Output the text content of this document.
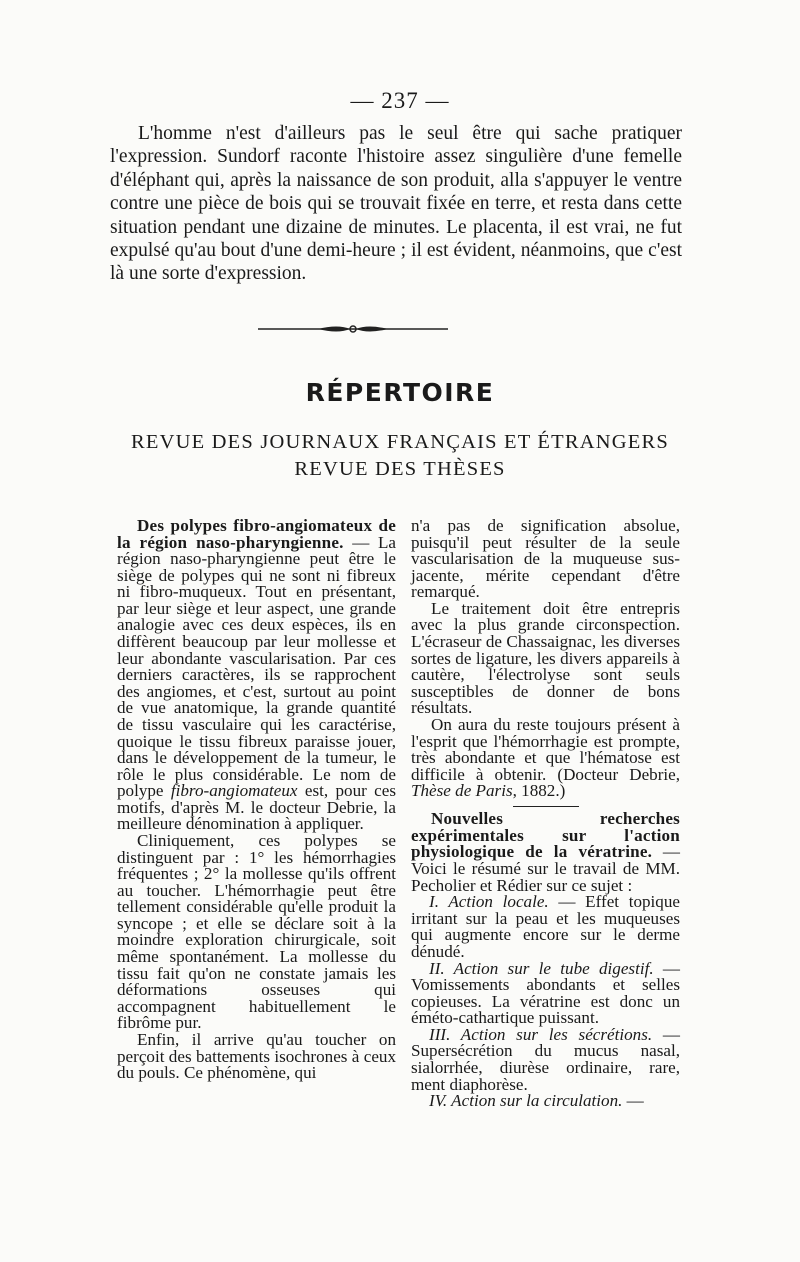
— 237 —

L'homme n'est d'ailleurs pas le seul être qui sache pratiquer l'expression. Sundorf raconte l'histoire assez singulière d'une femelle d'éléphant qui, après la naissance de son produit, alla s'appuyer le ventre contre une pièce de bois qui se trouvait fixée en terre, et resta dans cette situation pendant une dizaine de minutes. Le placenta, il est vrai, ne fut expulsé qu'au bout d'une demi-heure ; il est évident, néanmoins, que c'est là une sorte d'expression.

RÉPERTOIRE
REVUE DES JOURNAUX FRANÇAIS ET ÉTRANGERS
REVUE DES THÈSES

Des polypes fibro-angiomateux de la région naso-pharyngienne. — La région naso-pharyngienne peut être le siège de polypes qui ne sont ni fibreux ni fibro-muqueux. Tout en présentant, par leur siège et leur aspect, une grande analogie avec ces deux espèces, ils en diffèrent beaucoup par leur mollesse et leur abondante vascularisation. Par ces derniers caractères, ils se rapprochent des angiomes, et c'est, surtout au point de vue anatomique, la grande quantité de tissu vasculaire qui les caractérise, quoique le tissu fibreux paraisse jouer, dans le développement de la tumeur, le rôle le plus considérable. Le nom de polype fibro-angiomateux est, pour ces motifs, d'après M. le docteur Debrie, la meilleure dénomination à appliquer.

Cliniquement, ces polypes se distinguent par : 1° les hémorrhagies fréquentes ; 2° la mollesse qu'ils offrent au toucher. L'hémorrhagie peut être tellement considérable qu'elle produit la syncope ; et elle se déclare soit à la moindre exploration chirurgicale, soit même spontanément. La mollesse du tissu fait qu'on ne constate jamais les déformations osseuses qui accompagnent habituellement le fibrôme pur.

Enfin, il arrive qu'au toucher on perçoit des battements isochrones à ceux du pouls. Ce phénomène, qui

n'a pas de signification absolue, puisqu'il peut résulter de la seule vascularisation de la muqueuse sus-jacente, mérite cependant d'être remarqué.

Le traitement doit être entrepris avec la plus grande circonspection. L'écraseur de Chassaignac, les diverses sortes de ligature, les divers appareils à cautère, l'électrolyse sont seuls susceptibles de donner de bons résultats.

On aura du reste toujours présent à l'esprit que l'hémorrhagie est prompte, très abondante et que l'hématose est difficile à obtenir. (Docteur Debrie, Thèse de Paris, 1882.)

Nouvelles recherches expérimentales sur l'action physiologique de la vératrine. — Voici le résumé sur le travail de MM. Pecholier et Rédier sur ce sujet :

I. Action locale. — Effet topique irritant sur la peau et les muqueuses qui augmente encore sur le derme dénudé.

II. Action sur le tube digestif. — Vomissements abondants et selles copieuses. La vératrine est donc un éméto-cathartique puissant.

III. Action sur les sécrétions. — Supersécrétion du mucus nasal, sialorrhée, diurèse ordinaire, rare, ment diaphorèse.

IV. Action sur la circulation. —
